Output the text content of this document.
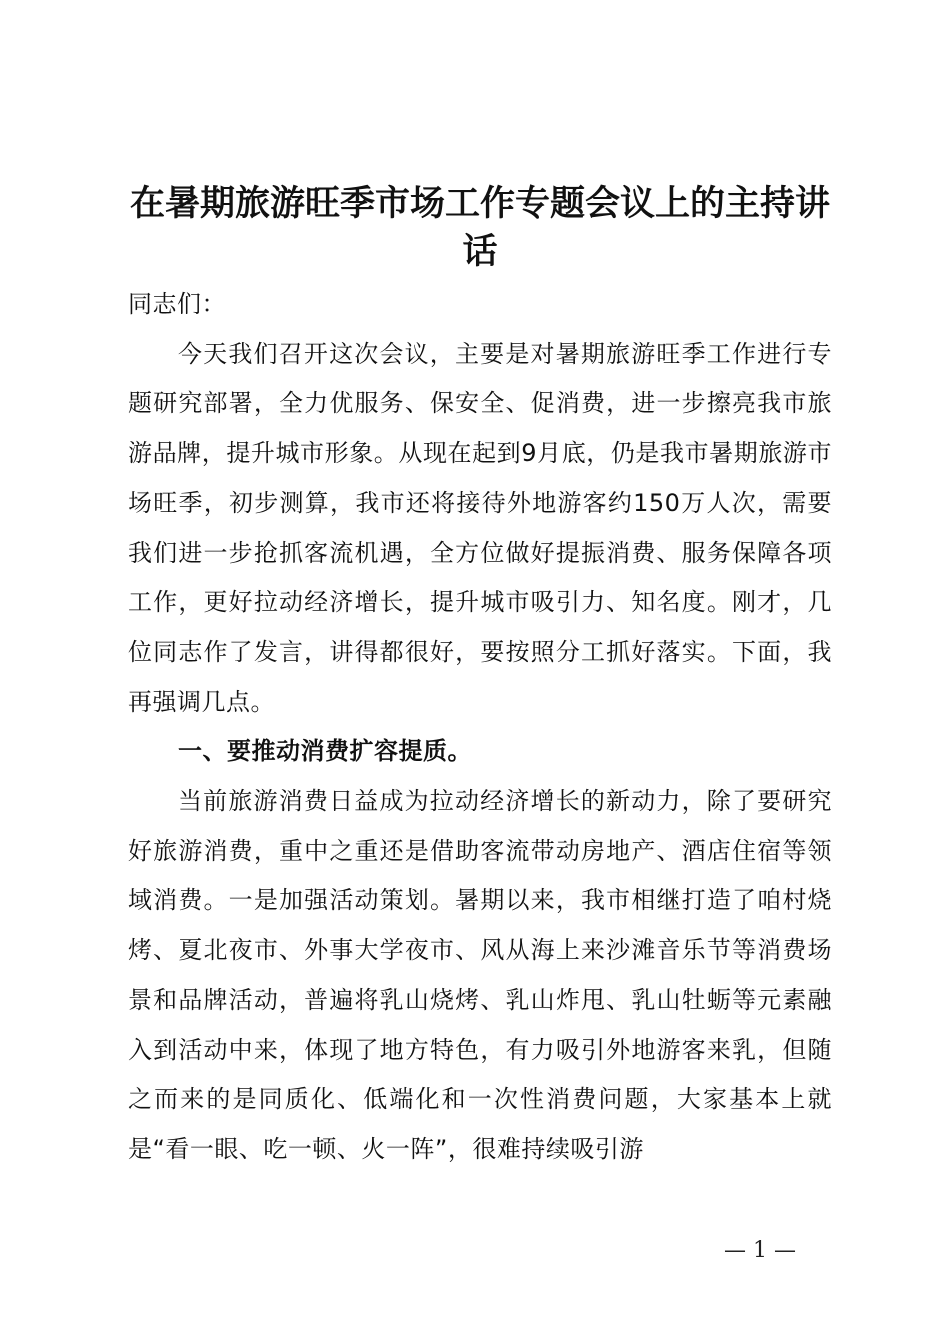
在暑期旅游旺季市场工作专题会议上的主持讲话

同志们：

今天我们召开这次会议，主要是对暑期旅游旺季工作进行专题研究部署，全力优服务、保安全、促消费，进一步擦亮我市旅游品牌，提升城市形象。从现在起到9月底，仍是我市暑期旅游市场旺季，初步测算，我市还将接待外地游客约150万人次，需要我们进一步抢抓客流机遇，全方位做好提振消费、服务保障各项工作，更好拉动经济增长，提升城市吸引力、知名度。刚才，几位同志作了发言，讲得都很好，要按照分工抓好落实。下面，我再强调几点。

一、要推动消费扩容提质。

当前旅游消费日益成为拉动经济增长的新动力，除了要研究好旅游消费，重中之重还是借助客流带动房地产、酒店住宿等领域消费。一是加强活动策划。暑期以来，我市相继打造了咱村烧烤、夏北夜市、外事大学夜市、风从海上来沙滩音乐节等消费场景和品牌活动，普遍将乳山烧烤、乳山炸甩、乳山牡蛎等元素融入到活动中来，体现了地方特色，有力吸引外地游客来乳，但随之而来的是同质化、低端化和一次性消费问题，大家基本上就是“看一眼、吃一顿、火一阵”，很难持续吸引游

— 1 —
